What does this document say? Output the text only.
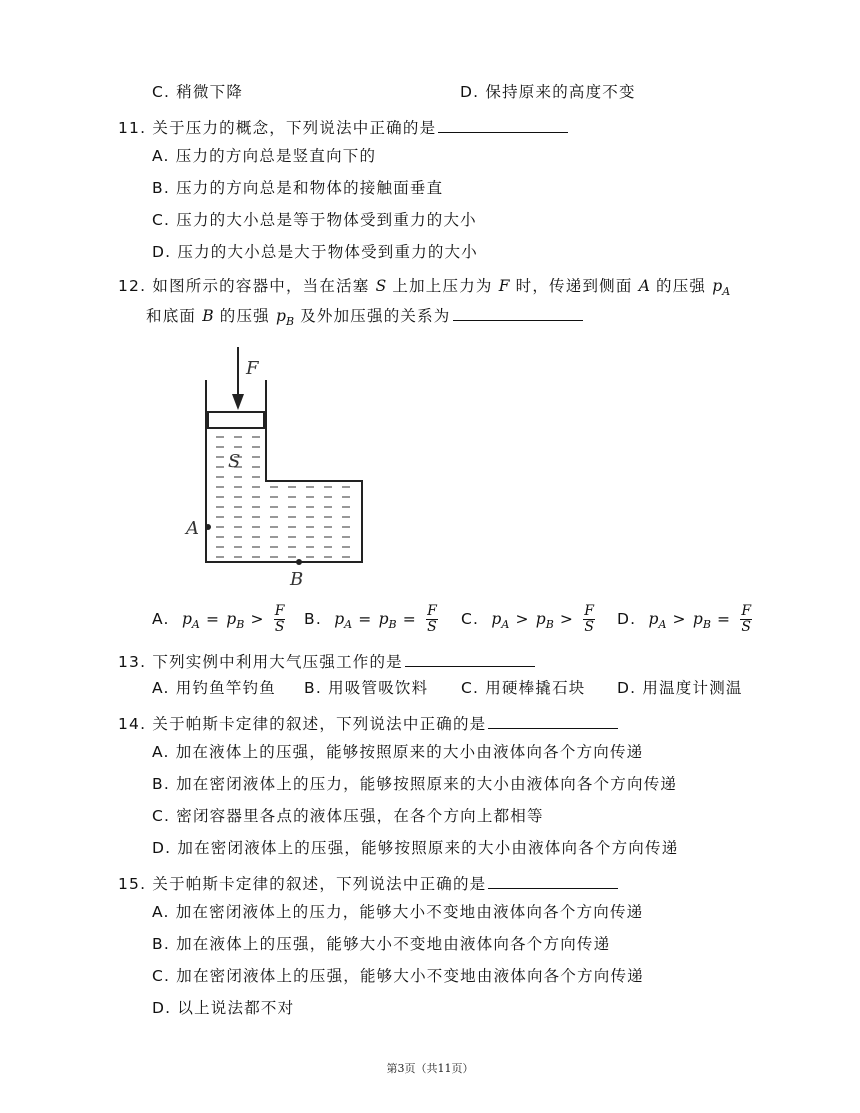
C. 稍微下降	D. 保持原来的高度不变
11. 关于压力的概念，下列说法中正确的是
A. 压力的方向总是竖直向下的
B. 压力的方向总是和物体的接触面垂直
C. 压力的大小总是等于物体受到重力的大小
D. 压力的大小总是大于物体受到重力的大小
12. 如图所示的容器中，当在活塞 S 上加上压力为 F 时，传递到侧面 A 的压强 $p_A$
和底面 B 的压强 $p_B$ 及外加压强的关系为
F
S
A
B
A. $p_A = p_B > \frac{F}{S} B$. $p_A = p_B = \frac{F}{S} C$. $p_A > p_B > \frac{F}{S} D$. $p_A > p_B = \frac{F}{S}$
13. 下列实例中利用大气压强工作的是
A. 用钓鱼竿钓鱼 B. 用吸管吸饮料 C. 用硬棒撬石块 D. 用温度计测温
14. 关于帕斯卡定律的叙述，下列说法中正确的是
A. 加在液体上的压强，能够按照原来的大小由液体向各个方向传递
B. 加在密闭液体上的压力，能够按照原来的大小由液体向各个方向传递
C. 密闭容器里各点的液体压强，在各个方向上都相等
D. 加在密闭液体上的压强，能够按照原来的大小由液体向各个方向传递
15. 关于帕斯卡定律的叙述，下列说法中正确的是
A. 加在密闭液体上的压力，能够大小不变地由液体向各个方向传递
B. 加在液体上的压强，能够大小不变地由液体向各个方向传递
C. 加在密闭液体上的压强，能够大小不变地由液体向各个方向传递
D. 以上说法都不对
第3页（共11页）
